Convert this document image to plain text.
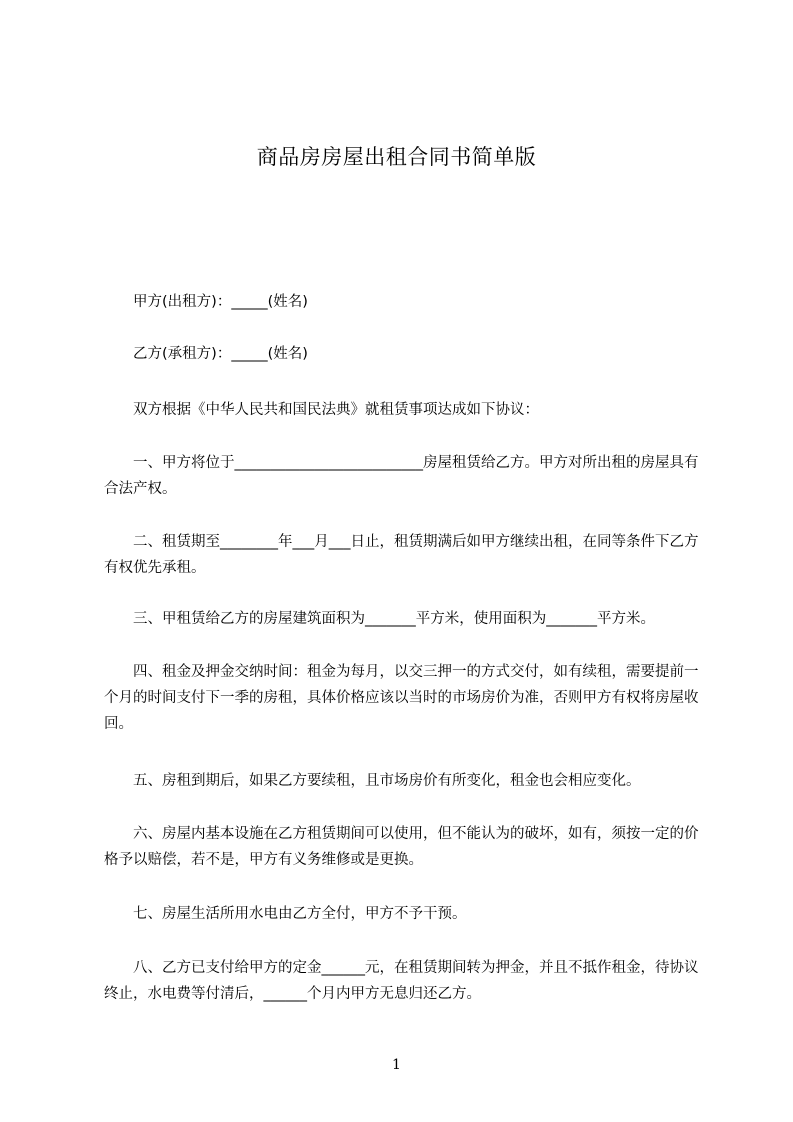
商品房房屋出租合同书简单版
　　甲方(出租方)：_____(姓名)
　　乙方(承租方)：_____(姓名)
　　双方根据《中华人民共和国民法典》就租赁事项达成如下协议：
　　一、甲方将位于__________________________房屋租赁给乙方。甲方对所出租的房屋具有合法产权。
　　二、租赁期至________年___月___日止，租赁期满后如甲方继续出租，在同等条件下乙方有权优先承租。
　　三、甲租赁给乙方的房屋建筑面积为_______平方米，使用面积为_______平方米。
　　四、租金及押金交纳时间：租金为每月，以交三押一的方式交付，如有续租，需要提前一个月的时间支付下一季的房租，具体价格应该以当时的市场房价为准，否则甲方有权将房屋收回。
　　五、房租到期后，如果乙方要续租，且市场房价有所变化，租金也会相应变化。
　　六、房屋内基本设施在乙方租赁期间可以使用，但不能认为的破坏，如有，须按一定的价格予以赔偿，若不是，甲方有义务维修或是更换。
　　七、房屋生活所用水电由乙方全付，甲方不予干预。
　　八、乙方已支付给甲方的定金______元，在租赁期间转为押金，并且不抵作租金，待协议终止，水电费等付清后，______个月内甲方无息归还乙方。
1
